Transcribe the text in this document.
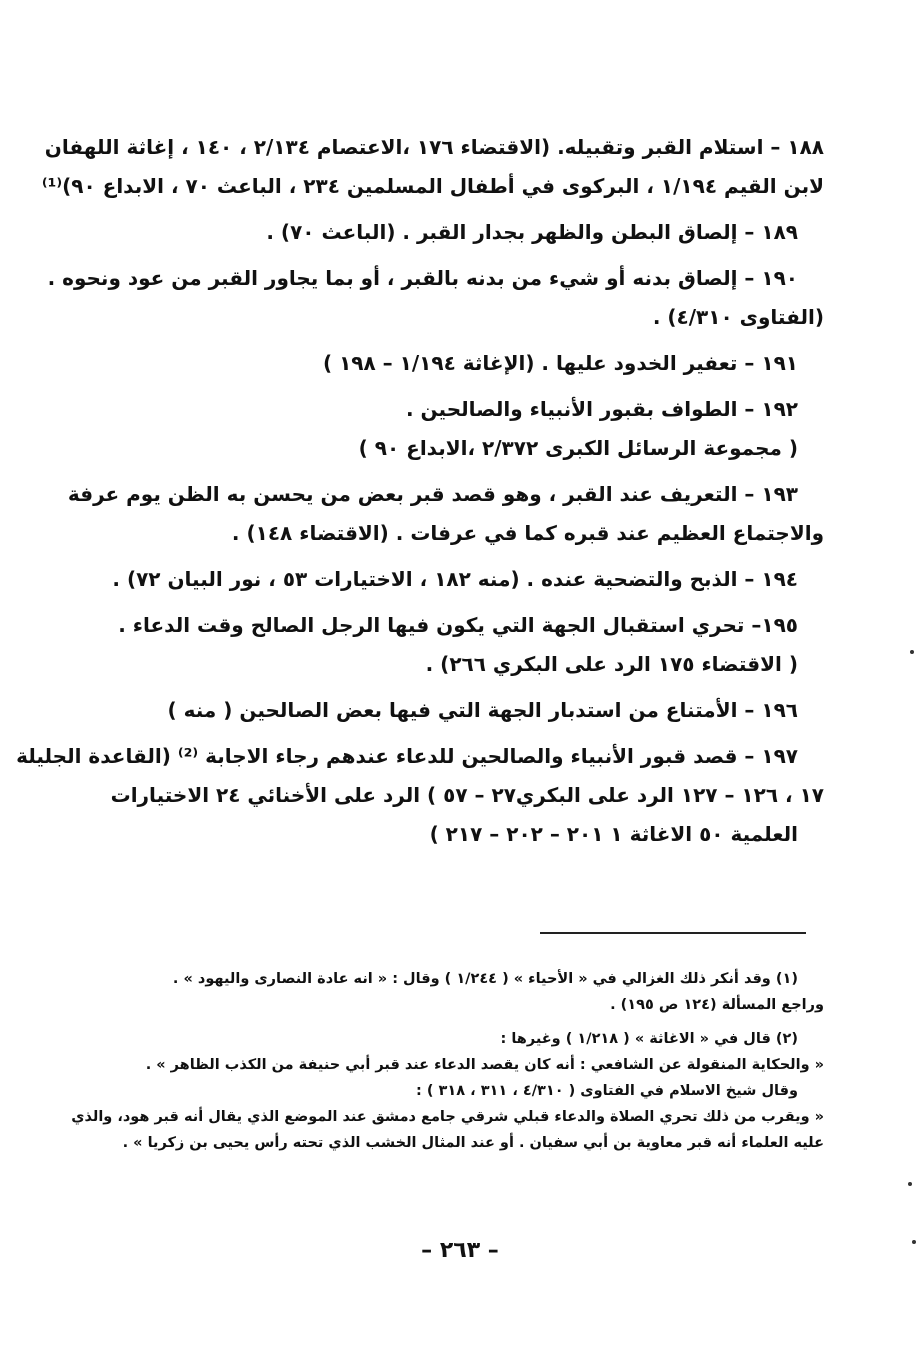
١٨٨ – استلام القبر وتقبيله. (الاقتضاء ١٧٦ ،الاعتصام ٢/١٣٤ ، ١٤٠ ، إغاثة اللهفان
لابن القيم ١/١٩٤ ، البركوى في أطفال المسلمين ٢٣٤ ، الباعث ٧٠ ، الابداع ٩٠)⁽¹⁾
١٨٩ – إلصاق البطن والظهر بجدار القبر . (الباعث ٧٠) .
١٩٠ – إلصاق بدنه أو شيء من بدنه بالقبر ، أو بما يجاور القبر من عود ونحوه .
(الفتاوى ٤/٣١٠) .
١٩١ – تعفير الخدود عليها . (الإغاثة ١/١٩٤ – ١٩٨ )
١٩٢ – الطواف بقبور الأنبياء والصالحين .
( مجموعة الرسائل الكبرى ٢/٣٧٢ ،الابداع ٩٠ )
١٩٣ – التعريف عند القبر ، وهو قصد قبر بعض من يحسن به الظن يوم عرفة
والاجتماع العظيم عند قبره كما في عرفات . (الاقتضاء ١٤٨) .
١٩٤ – الذبح والتضحية عنده . (منه ١٨٢ ، الاختيارات ٥٣ ، نور البيان ٧٢) .
١٩٥– تحري استقبال الجهة التي يكون فيها الرجل الصالح وقت الدعاء .
( الاقتضاء ١٧٥ الرد على البكري ٢٦٦) .
١٩٦ – الأمتناع من استدبار الجهة التي فيها بعض الصالحين ( منه )
١٩٧ – قصد قبور الأنبياء والصالحين للدعاء عندهم رجاء الاجابة ⁽²⁾ (القاعدة الجليلة
١٧ ، ١٢٦ – ١٢٧ الرد على البكري٢٧ – ٥٧ ) الرد على الأخنائي ٢٤ الاختيارات
العلمية ٥٠ الاغاثة ١ ٢٠١ – ٢٠٢ – ٢١٧ )
(١) وقد أنكر ذلك الغزالي في « الأحياء » ( ١/٢٤٤ ) وقال : « انه عادة النصارى واليهود » .
وراجع المسألة (١٢٤ ص ١٩٥) .
(٢) قال في « الاغاثة » ( ١/٢١٨ ) وغيرها :
« والحكاية المنقولة عن الشافعي : أنه كان يقصد الدعاء عند قبر أبي حنيفة من الكذب الظاهر » .
وقال شيخ الاسلام في الفتاوى ( ٤/٣١٠ ، ٣١١ ، ٣١٨ ) :
« ويقرب من ذلك تحري الصلاة والدعاء قبلي شرقي جامع دمشق عند الموضع الذي يقال أنه قبر هود، والذي
عليه العلماء أنه قبر معاوية بن أبي سفيان . أو عند المثال الخشب الذي تحته رأس يحيى بن زكريا » .
– ٢٦٣ –
